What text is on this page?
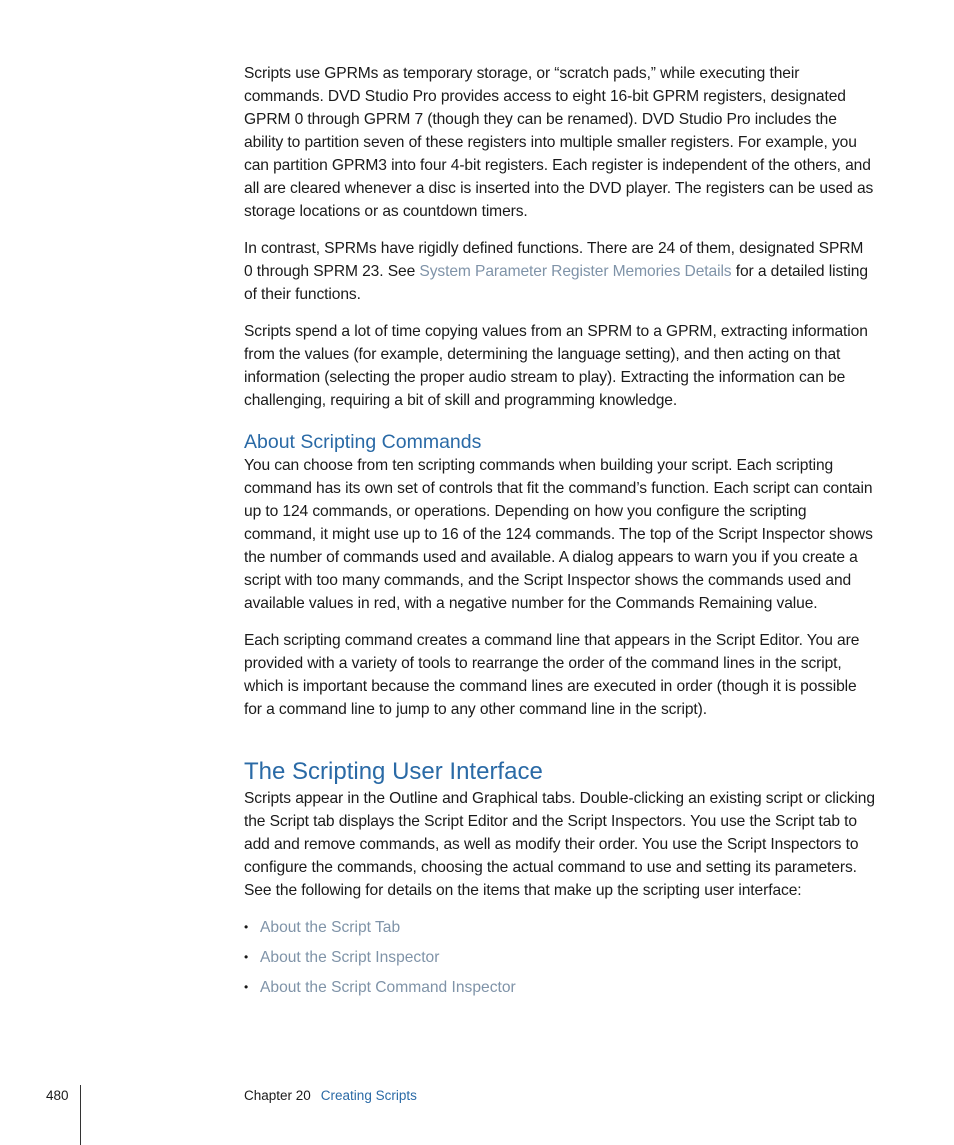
Scripts use GPRMs as temporary storage, or “scratch pads,” while executing their commands. DVD Studio Pro provides access to eight 16-bit GPRM registers, designated GPRM 0 through GPRM 7 (though they can be renamed). DVD Studio Pro includes the ability to partition seven of these registers into multiple smaller registers. For example, you can partition GPRM3 into four 4-bit registers. Each register is independent of the others, and all are cleared whenever a disc is inserted into the DVD player. The registers can be used as storage locations or as countdown timers.

In contrast, SPRMs have rigidly defined functions. There are 24 of them, designated SPRM 0 through SPRM 23. See System Parameter Register Memories Details for a detailed listing of their functions.

Scripts spend a lot of time copying values from an SPRM to a GPRM, extracting information from the values (for example, determining the language setting), and then acting on that information (selecting the proper audio stream to play). Extracting the information can be challenging, requiring a bit of skill and programming knowledge.

About Scripting Commands

You can choose from ten scripting commands when building your script. Each scripting command has its own set of controls that fit the command’s function. Each script can contain up to 124 commands, or operations. Depending on how you configure the scripting command, it might use up to 16 of the 124 commands. The top of the Script Inspector shows the number of commands used and available. A dialog appears to warn you if you create a script with too many commands, and the Script Inspector shows the commands used and available values in red, with a negative number for the Commands Remaining value.

Each scripting command creates a command line that appears in the Script Editor. You are provided with a variety of tools to rearrange the order of the command lines in the script, which is important because the command lines are executed in order (though it is possible for a command line to jump to any other command line in the script).

The Scripting User Interface

Scripts appear in the Outline and Graphical tabs. Double-clicking an existing script or clicking the Script tab displays the Script Editor and the Script Inspectors. You use the Script tab to add and remove commands, as well as modify their order. You use the Script Inspectors to configure the commands, choosing the actual command to use and setting its parameters. See the following for details on the items that make up the scripting user interface:

• About the Script Tab
• About the Script Inspector
• About the Script Command Inspector
480	Chapter 20 Creating Scripts
